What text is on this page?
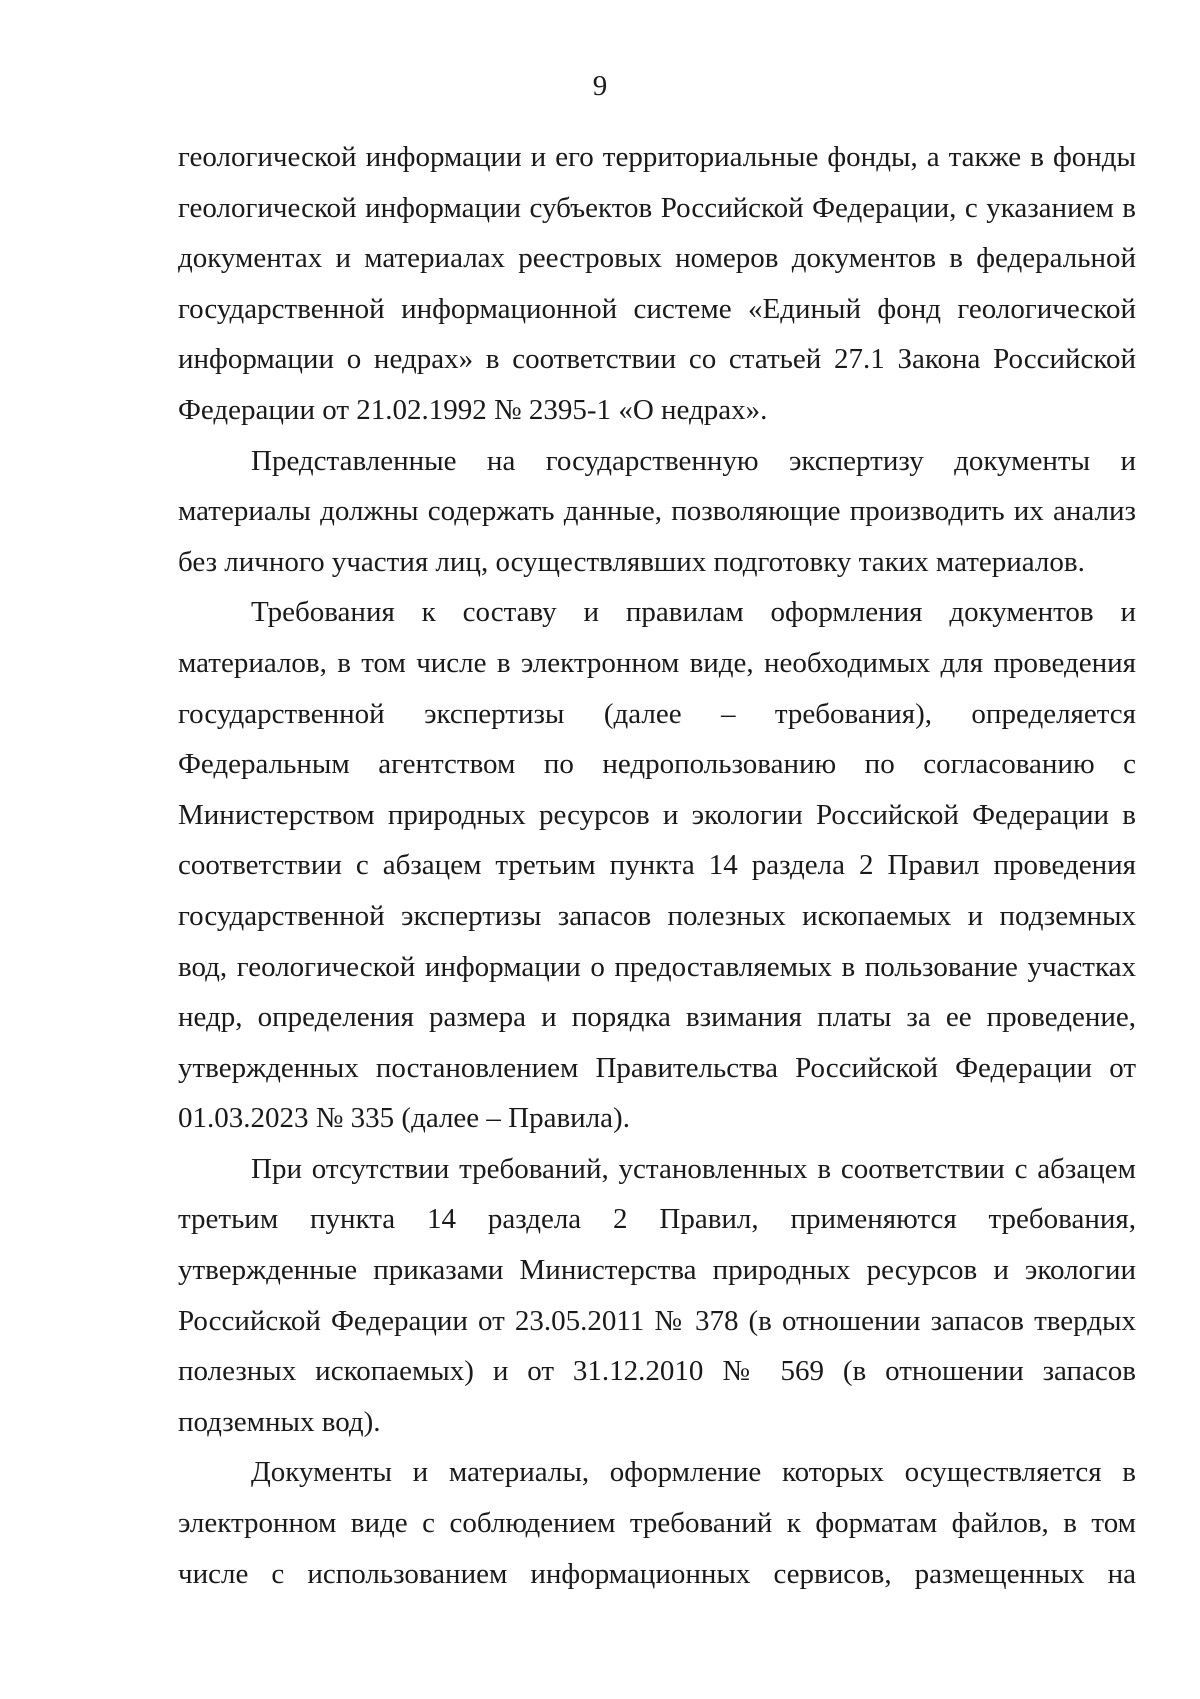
9

геологической информации и его территориальные фонды, а также в фонды геологической информации субъектов Российской Федерации, с указанием в документах и материалах реестровых номеров документов в федеральной государственной информационной системе «Единый фонд геологической информации о недрах» в соответствии со статьей 27.1 Закона Российской Федерации от 21.02.1992 № 2395-1 «О недрах».

Представленные на государственную экспертизу документы и материалы должны содержать данные, позволяющие производить их анализ без личного участия лиц, осуществлявших подготовку таких материалов.

Требования к составу и правилам оформления документов и материалов, в том числе в электронном виде, необходимых для проведения государственной экспертизы (далее – требования), определяется Федеральным агентством по недропользованию по согласованию с Министерством природных ресурсов и экологии Российской Федерации в соответствии с абзацем третьим пункта 14 раздела 2 Правил проведения государственной экспертизы запасов полезных ископаемых и подземных вод, геологической информации о предоставляемых в пользование участках недр, определения размера и порядка взимания платы за ее проведение, утвержденных постановлением Правительства Российской Федерации от 01.03.2023 № 335 (далее – Правила).

При отсутствии требований, установленных в соответствии с абзацем третьим пункта 14 раздела 2 Правил, применяются требования, утвержденные приказами Министерства природных ресурсов и экологии Российской Федерации от 23.05.2011 № 378 (в отношении запасов твердых полезных ископаемых) и от 31.12.2010 № 569 (в отношении запасов подземных вод).

Документы и материалы, оформление которых осуществляется в электронном виде с соблюдением требований к форматам файлов, в том числе с использованием информационных сервисов, размещенных на
